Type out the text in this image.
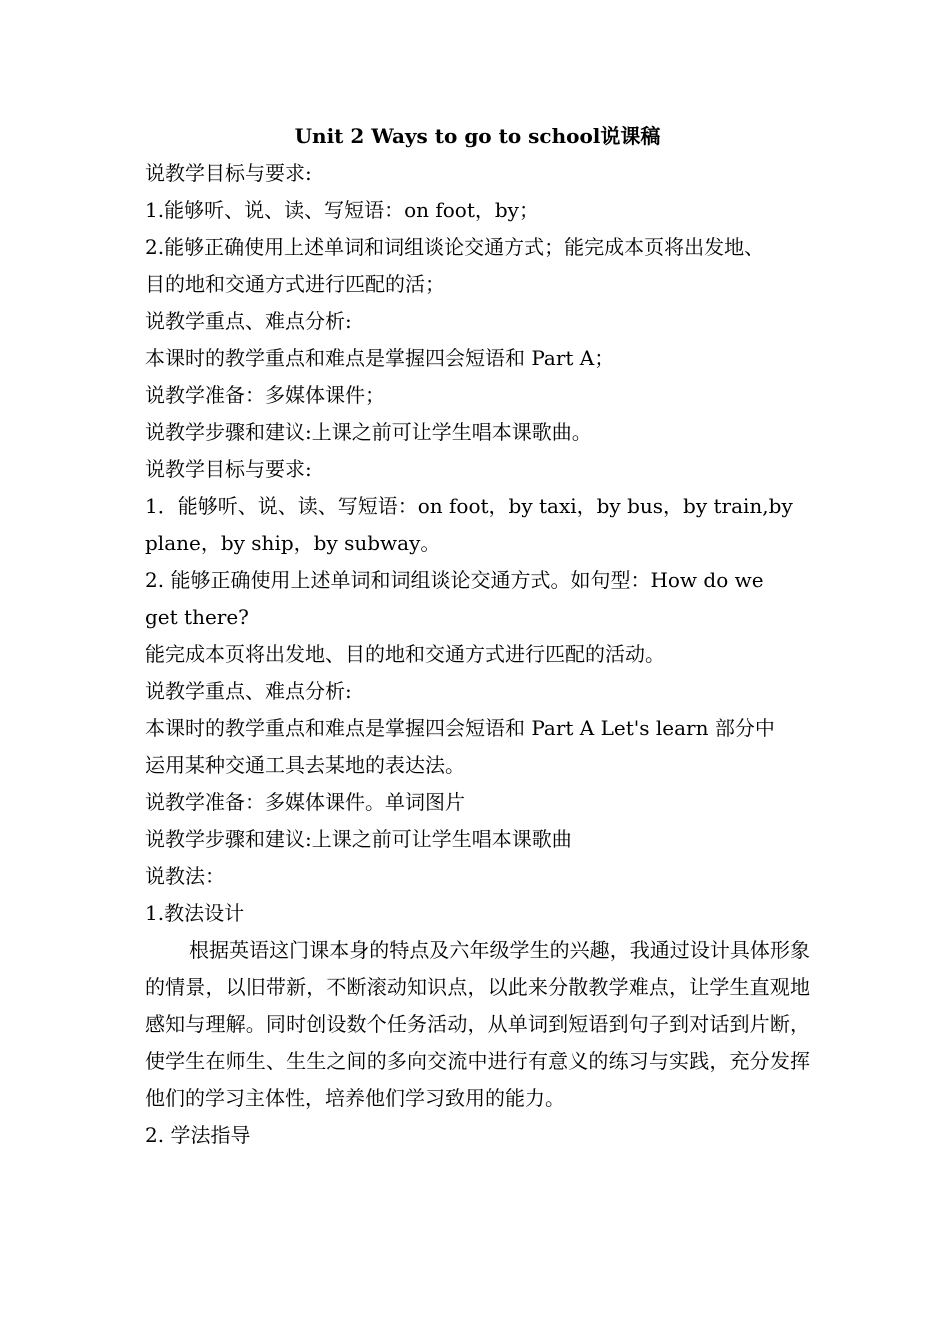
Unit 2 Ways to go to school说课稿
说教学目标与要求:
1.能够听、说、读、写短语：on foot，by；
2.能够正确使用上述单词和词组谈论交通方式；能完成本页将出发地、
目的地和交通方式进行匹配的活；
说教学重点、难点分析:
本课时的教学重点和难点是掌握四会短语和 Part A；
说教学准备：多媒体课件；
说教学步骤和建议:上课之前可让学生唱本课歌曲。
说教学目标与要求:
1．能够听、说、读、写短语：on foot，by taxi，by bus，by train,by
plane，by ship，by subway。
2. 能够正确使用上述单词和词组谈论交通方式。如句型：How do we
get there?
能完成本页将出发地、目的地和交通方式进行匹配的活动。
说教学重点、难点分析:
本课时的教学重点和难点是掌握四会短语和 Part A Let's learn 部分中
运用某种交通工具去某地的表达法。
说教学准备：多媒体课件。单词图片
说教学步骤和建议:上课之前可让学生唱本课歌曲
说教法：
1.教法设计

根据英语这门课本身的特点及六年级学生的兴趣，我通过设计具体形象的情景，以旧带新，不断滚动知识点，以此来分散教学难点，让学生直观地感知与理解。同时创设数个任务活动，从单词到短语到句子到对话到片断，使学生在师生、生生之间的多向交流中进行有意义的练习与实践，充分发挥他们的学习主体性，培养他们学习致用的能力。

2. 学法指导
